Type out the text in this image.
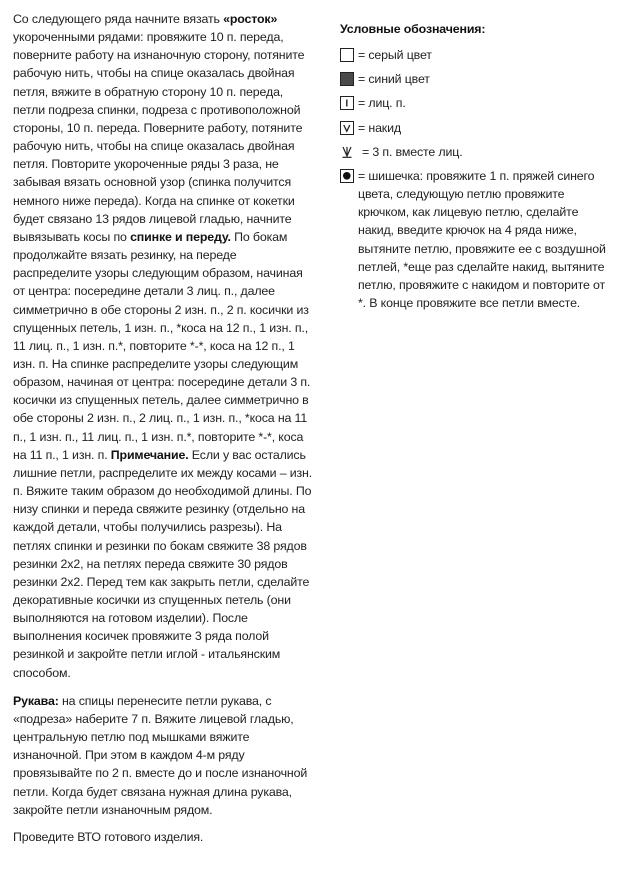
Со следующего ряда начните вязать «росток» укороченными рядами: провяжите 10 п. переда, поверните работу на изнаночную сторону, потяните рабочую нить, чтобы на спице оказалась двойная петля, вяжите в обратную сторону 10 п. переда, петли подреза спинки, подреза с противоположной стороны, 10 п. переда. Поверните работу, потяните рабочую нить, чтобы на спице оказалась двойная петля. Повторите укороченные ряды 3 раза, не забывая вязать основной узор (спинка получится немного ниже переда). Когда на спинке от кокетки будет связано 13 рядов лицевой гладью, начните вывязывать косы по спинке и переду. По бокам продолжайте вязать резинку, на переде распределите узоры следующим образом, начиная от центра: посередине детали 3 лиц. п., далее симметрично в обе стороны 2 изн. п., 2 п. косички из спущенных петель, 1 изн. п., *коса на 12 п., 1 изн. п., 11 лиц. п., 1 изн. п.*, повторите *-*, коса на 12 п., 1 изн. п. На спинке распределите узоры следующим образом, начиная от центра: посередине детали 3 п. косички из спущенных петель, далее симметрично в обе стороны 2 изн. п., 2 лиц. п., 1 изн. п., *коса на 11 п., 1 изн. п., 11 лиц. п., 1 изн. п.*, повторите *-*, коса на 11 п., 1 изн. п. Примечание. Если у вас остались лишние петли, распределите их между косами – изн. п. Вяжите таким образом до необходимой длины. По низу спинки и переда свяжите резинку (отдельно на каждой детали, чтобы получились разрезы). На петлях спинки и резинки по бокам свяжите 38 рядов резинки 2х2, на петлях переда свяжите 30 рядов резинки 2х2. Перед тем как закрыть петли, сделайте декоративные косички из спущенных петель (они выполняются на готовом изделии). После выполнения косичек провяжите 3 ряда полой резинкой и закройте петли иглой - итальянским способом.

Рукава: на спицы перенесите петли рукава, с «подреза» наберите 7 п. Вяжите лицевой гладью, центральную петлю под мышками вяжите изнаночной. При этом в каждом 4-м ряду провязывайте по 2 п. вместе до и после изнаночной петли. Когда будет связана нужная длина рукава, закройте петли изнаночным рядом.

Проведите ВТО готового изделия.

Условные обозначения:
= серый цвет
= синий цвет
= лиц. п.
= накид
= 3 п. вместе лиц.
= шишечка: провяжите 1 п. пряжей синего цвета, следующую петлю провяжите крючком, как лицевую петлю, сделайте накид, введите крючок на 4 ряда ниже, вытяните петлю, провяжите ее с воздушной петлей, *еще раз сделайте накид, вытяните петлю, провяжите с накидом и повторите от *. В конце провяжите все петли вместе.
